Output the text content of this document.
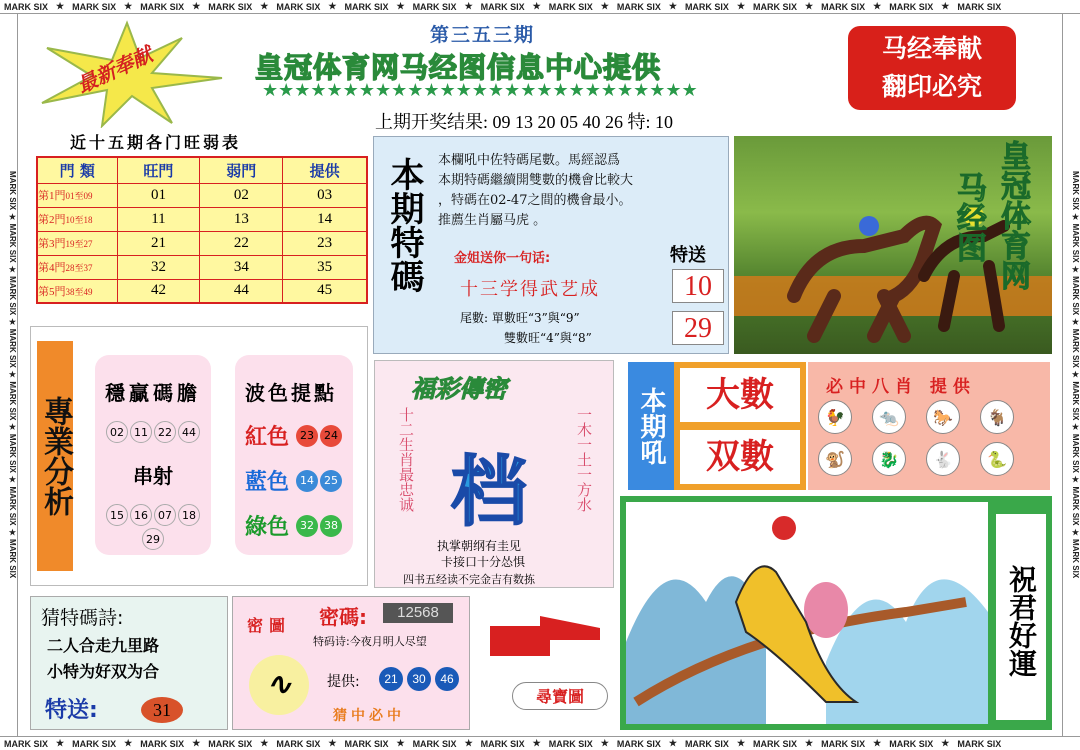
MARK SIX ★ MARK SIX ★ MARK SIX ★ MARK SIX ★ MARK SIX ★ MARK SIX ★ MARK SIX ★ MARK SIX ★ MARK SIX ★ MARK SIX ★ MARK SIX ★ MARK SIX ★ MARK SIX ★ MARK SIX ★ MARK SIX
MARK SIX ★ MARK SIX ★ MARK SIX ★ MARK SIX ★ MARK SIX ★ MARK SIX ★ MARK SIX ★ MARK SIX ★ MARK SIX ★ MARK SIX ★ MARK SIX ★ MARK SIX ★ MARK SIX ★ MARK SIX ★ MARK SIX
MARK SIX ★ MARK SIX ★ MARK SIX ★ MARK SIX ★ MARK SIX ★ MARK SIX ★ MARK SIX ★ MARK SIX
MARK SIX ★ MARK SIX ★ MARK SIX ★ MARK SIX ★ MARK SIX ★ MARK SIX ★ MARK SIX ★ MARK SIX
最新奉献
第三五三期
皇冠体育网马经图信息中心提供
★★★★★★★★★★★★★★★★★★★★★★★★★★★
上期开奖结果: 09 13 20 05 40 26 特: 10
马经奉献
翻印必究
近十五期各门旺弱表
門 類	旺門	弱門	提供
第1門01至09	01	02	03
第2門10至18	11	13	14
第3門19至27	21	22	23
第4門28至37	32	34	35
第5門38至49	42	44	45 本期特碼 本欄吼中佐特碼尾數。馬經認爲
本期特碼繼續開雙數的機會比較大
，特碼在02-47之間的機會最小。
推薦生肖屬马虎 。
金姐送你一句话:
十三学得武艺成
尾數: 單數旺“3”與“9”
雙數旺“4”與“8”
特送
10
29
皇冠体育网
马经图
專業分析
穩贏碼膽
02 11 22 44
串射
15 16 07 1829
波色提點
紅色 23 24
藍色 14 25
綠色 32 38
福彩傳密
十二生肖最忠诚	一木一土一方水
档
执掌朝纲有圭见
卡接口十分怂惧
四书五经读不完金吉有数拣
本期吼	大數
双數
必中八肖 提供
🐓	🐀	🐎	🐐
🐒	🐉	🐇	🐍
祝君好運
猜特碼詩:
二人合走九里路
小特为好双为合
特送:	31
密圖 密碼:	12568
特码诗:今夜月明人尽望
∿	提供:	21	30	46
猜中必中
尋寶圖
